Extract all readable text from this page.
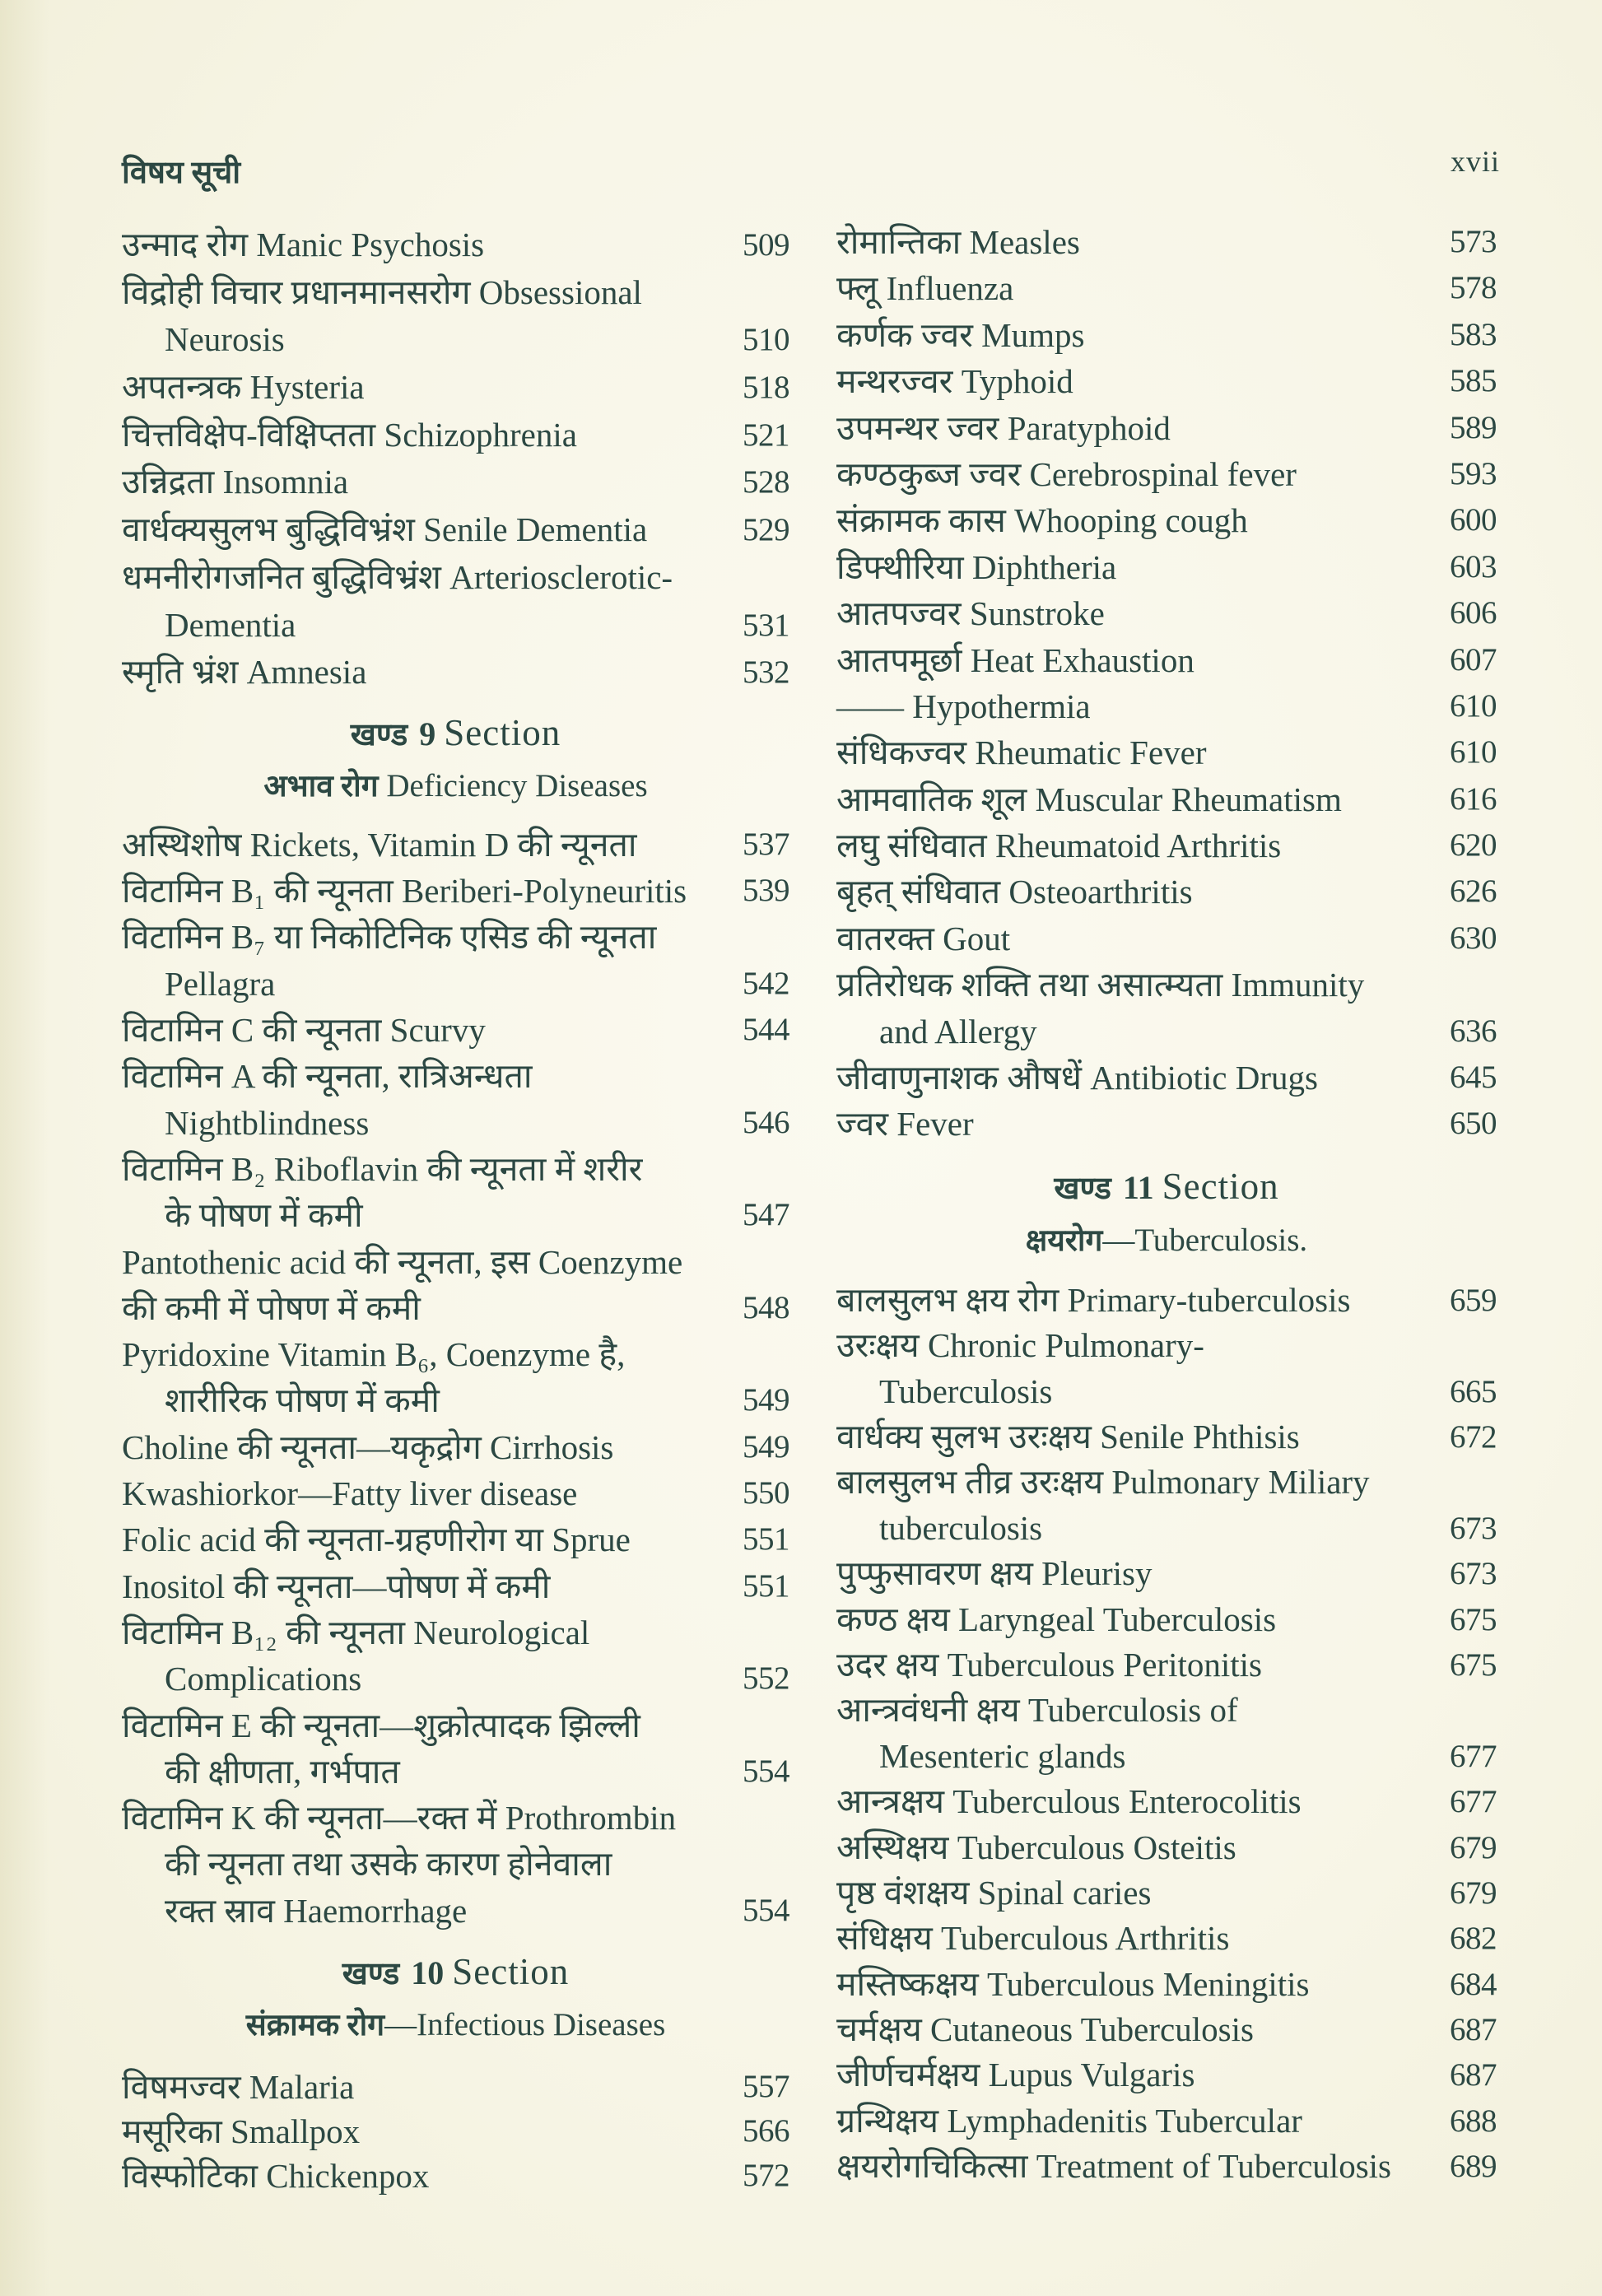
विषय सूची	xvii
उन्माद रोग Manic Psychosis	509
विद्रोही विचार प्रधानमानसरोग Obsessional
Neurosis	510
अपतन्त्रक Hysteria	518
चित्तविक्षेप-विक्षिप्तता Schizophrenia	521
उन्निद्रता Insomnia	528
वार्धक्यसुलभ बुद्धिविभ्रंश Senile Dementia	529
धमनीरोगजनित बुद्धिविभ्रंश Arteriosclerotic-
Dementia	531
स्मृति भ्रंश Amnesia	532
खण्ड 9 Section
अभाव रोग Deficiency Diseases
अस्थिशोष Rickets, Vitamin D की न्यूनता	537
विटामिन B₁ की न्यूनता Beriberi-Polyneuritis 539
विटामिन B₇ या निकोटिनिक एसिड की न्यूनता
Pellagra	542
विटामिन C की न्यूनता Scurvy	544
विटामिन A की न्यूनता, रात्रिअन्धता
Nightblindness	546
विटामिन B₂ Riboflavin की न्यूनता में शरीर
के पोषण में कमी	547
Pantothenic acid की न्यूनता, इस Coenzyme
की कमी में पोषण में कमी	548
Pyridoxine Vitamin B₆, Coenzyme है,
शारीरिक पोषण में कमी	549
Choline की न्यूनता—यकृद्रोग Cirrhosis	549
Kwashiorkor—Fatty liver disease	550
Folic acid की न्यूनता-ग्रहणीरोग या Sprue	551
Inositol की न्यूनता—पोषण में कमी	551
विटामिन B₁₂ की न्यूनता Neurological
Complications	552
विटामिन E की न्यूनता—शुक्रोत्पादक झिल्ली
की क्षीणता, गर्भपात	554
विटामिन K की न्यूनता—रक्त में Prothrombin
की न्यूनता तथा उसके कारण होनेवाला
रक्त स्राव Haemorrhage	554
खण्ड 10 Section
संक्रामक रोग—Infectious Diseases
विषमज्वर Malaria	557
मसूरिका Smallpox	566
विस्फोटिका Chickenpox	572
रोमान्तिका Measles	573
फ्लू Influenza	578
कर्णक ज्वर Mumps	583
मन्थरज्वर Typhoid	585
उपमन्थर ज्वर Paratyphoid	589
कण्ठकुब्ज ज्वर Cerebrospinal fever	593
संक्रामक कास Whooping cough	600
डिफ्थीरिया Diphtheria	603
आतपज्वर Sunstroke	606
आतपमूर्छा Heat Exhaustion	607
—— Hypothermia	610
संधिकज्वर Rheumatic Fever	610
आमवातिक शूल Muscular Rheumatism	616
लघु संधिवात Rheumatoid Arthritis	620
बृहत् संधिवात Osteoarthritis	626
वातरक्त Gout	630
प्रतिरोधक शक्ति तथा असात्म्यता Immunity
and Allergy	636
जीवाणुनाशक औषधें Antibiotic Drugs	645
ज्वर Fever	650
खण्ड 11 Section
क्षयरोग—Tuberculosis.
बालसुलभ क्षय रोग Primary-tuberculosis	659
उरःक्षय Chronic Pulmonary-
Tuberculosis	665
वार्धक्य सुलभ उरःक्षय Senile Phthisis	672
बालसुलभ तीव्र उरःक्षय Pulmonary Miliary
tuberculosis	673
पुप्फुसावरण क्षय Pleurisy	673
कण्ठ क्षय Laryngeal Tuberculosis	675
उदर क्षय Tuberculous Peritonitis	675
आन्त्रवंधनी क्षय Tuberculosis of
Mesenteric glands	677
आन्त्रक्षय Tuberculous Enterocolitis	677
अस्थिक्षय Tuberculous Osteitis	679
पृष्ठ वंशक्षय Spinal caries	679
संधिक्षय Tuberculous Arthritis	682
मस्तिष्कक्षय Tuberculous Meningitis	684
चर्मक्षय Cutaneous Tuberculosis	687
जीर्णचर्मक्षय Lupus Vulgaris	687
ग्रन्थिक्षय Lymphadenitis Tubercular	688
क्षयरोगचिकित्सा Treatment of Tuberculosis 689
